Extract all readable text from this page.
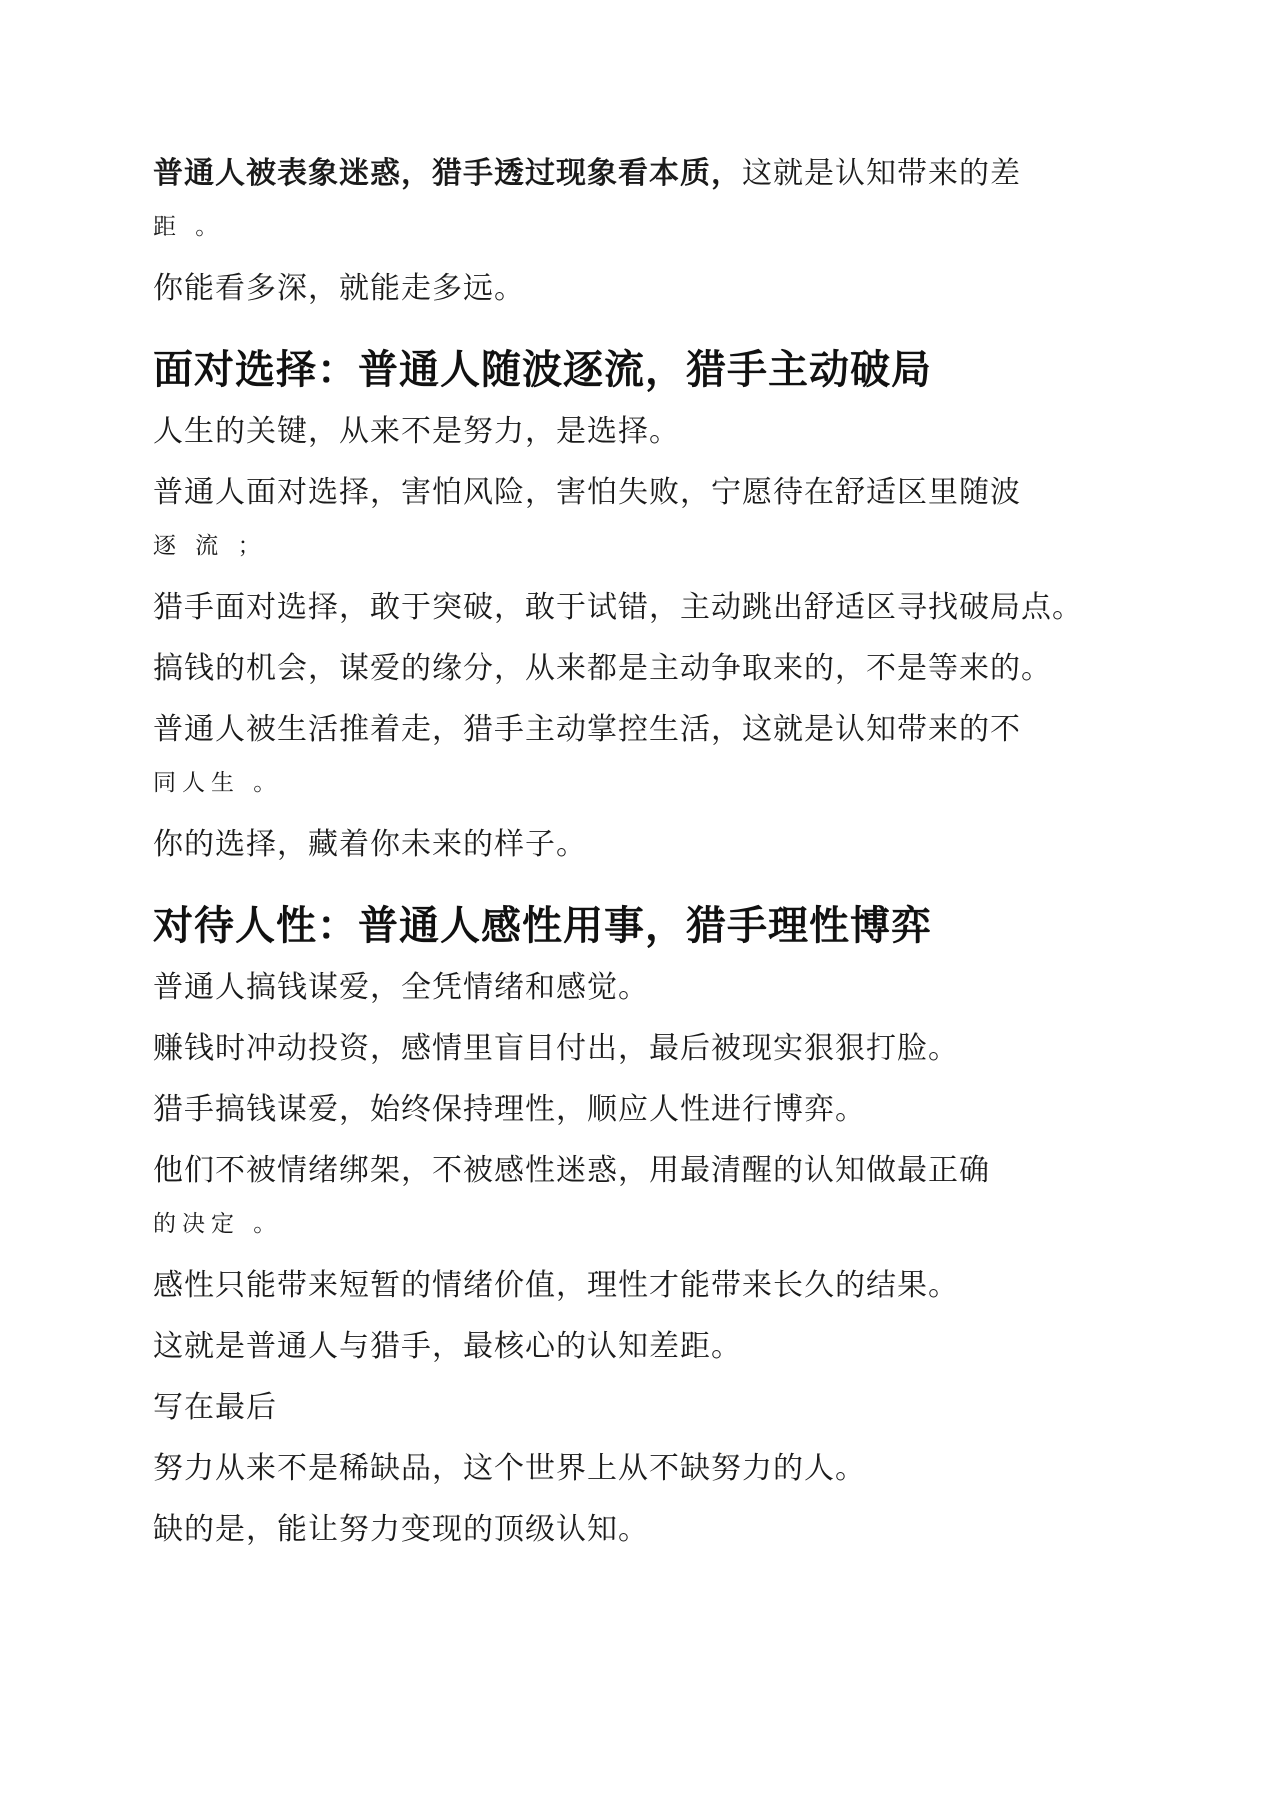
普通人被表象迷惑，猎手透过现象看本质，这就是认知带来的差
距 。
你能看多深，就能走多远。
面对选择：普通人随波逐流，猎手主动破局
人生的关键，从来不是努力，是选择。
普通人面对选择，害怕风险，害怕失败，宁愿待在舒适区里随波
逐 流 ；
猎手面对选择，敢于突破，敢于试错，主动跳出舒适区寻找破局点。
搞钱的机会，谋爱的缘分，从来都是主动争取来的，不是等来的。
普通人被生活推着走，猎手主动掌控生活，这就是认知带来的不
同人生 。
你的选择，藏着你未来的样子。
对待人性：普通人感性用事，猎手理性博弈
普通人搞钱谋爱，全凭情绪和感觉。
赚钱时冲动投资，感情里盲目付出，最后被现实狠狠打脸。
猎手搞钱谋爱，始终保持理性，顺应人性进行博弈。
他们不被情绪绑架，不被感性迷惑，用最清醒的认知做最正确
的决定 。
感性只能带来短暂的情绪价值，理性才能带来长久的结果。
这就是普通人与猎手，最核心的认知差距。
写在最后
努力从来不是稀缺品，这个世界上从不缺努力的人。
缺的是，能让努力变现的顶级认知。
